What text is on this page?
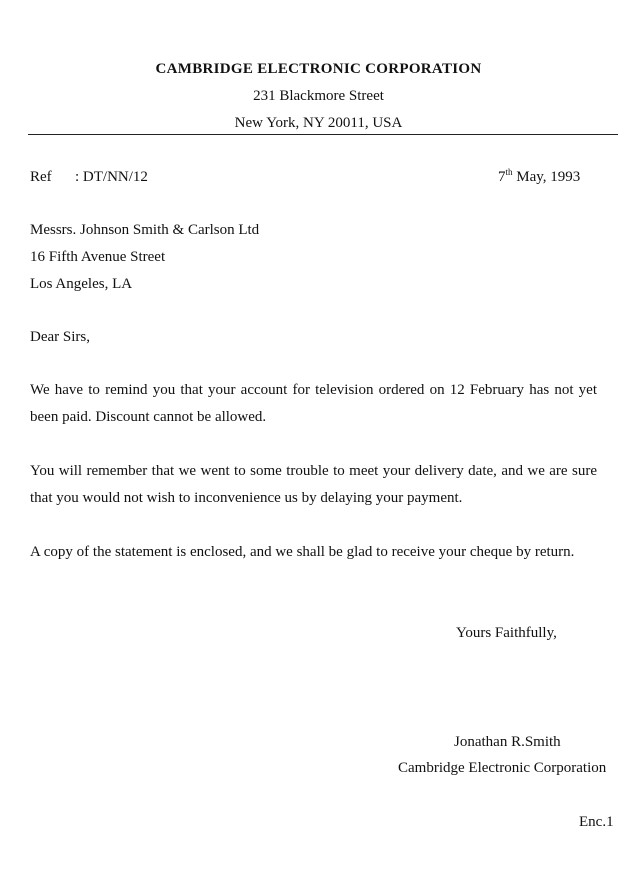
CAMBRIDGE ELECTRONIC CORPORATION
231 Blackmore Street
New York, NY 20011, USA
Ref : DT/NN/12	7th May, 1993
Messrs. Johnson Smith & Carlson Ltd
16 Fifth Avenue Street
Los Angeles, LA
Dear Sirs,
We have to remind you that your account for television ordered on 12 February has not yet
been paid. Discount cannot be allowed.
You will remember that we went to some trouble to meet your delivery date, and we are sure
that you would not wish to inconvenience us by delaying your payment.
A copy of the statement is enclosed, and we shall be glad to receive your cheque by return.
Yours Faithfully,
Jonathan R.Smith
Cambridge Electronic Corporation
Enc.1
